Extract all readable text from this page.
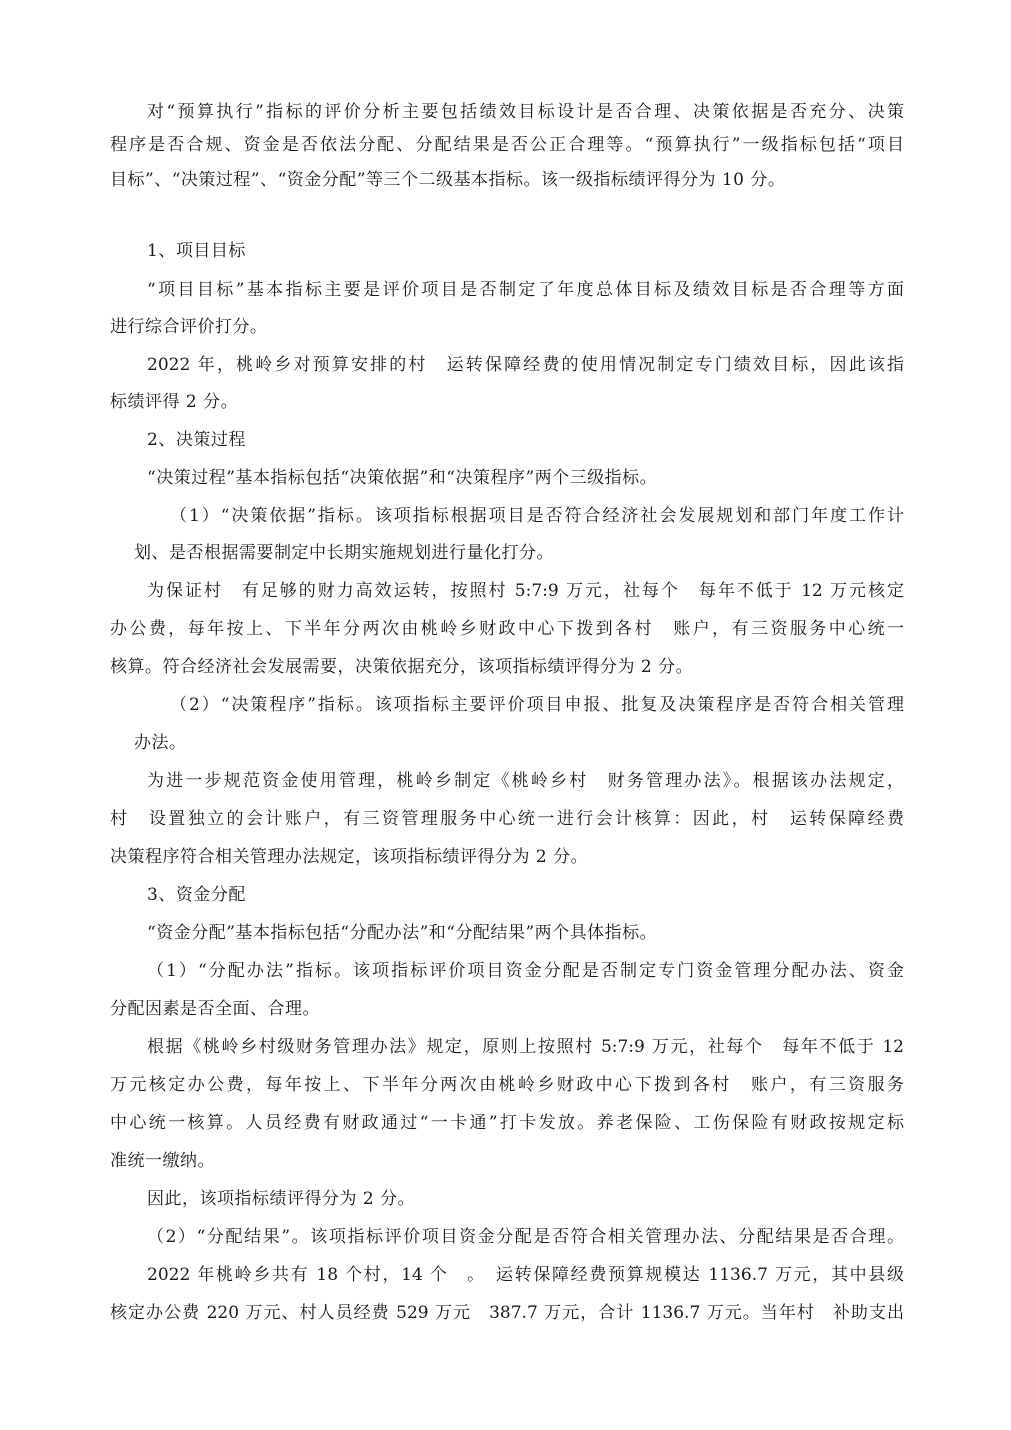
对“预算执行”指标的评价分析主要包括绩效目标设计是否合理、决策依据是否充分、决策
程序是否合规、资金是否依法分配、分配结果是否公正合理等。“预算执行”一级指标包括“项目
目标”、“决策过程”、“资金分配”等三个二级基本指标。该一级指标绩评得分为 10 分。
1、项目目标
“项目目标”基本指标主要是评价项目是否制定了年度总体目标及绩效目标是否合理等方面
进行综合评价打分。
2022 年，桃岭乡对预算安排的村　运转保障经费的使用情况制定专门绩效目标，因此该指
标绩评得 2 分。
2、决策过程
“决策过程”基本指标包括“决策依据”和“决策程序”两个三级指标。
（1）“决策依据”指标。该项指标根据项目是否符合经济社会发展规划和部门年度工作计
划、是否根据需要制定中长期实施规划进行量化打分。
为保证村　有足够的财力高效运转，按照村 5:7:9 万元，社每个　每年不低于 12 万元核定
办公费，每年按上、下半年分两次由桃岭乡财政中心下拨到各村　账户，有三资服务中心统一
核算。符合经济社会发展需要，决策依据充分，该项指标绩评得分为 2 分。
（2）“决策程序”指标。该项指标主要评价项目申报、批复及决策程序是否符合相关管理
办法。
为进一步规范资金使用管理，桃岭乡制定《桃岭乡村　财务管理办法》。根据该办法规定，
村　设置独立的会计账户，有三资管理服务中心统一进行会计核算：因此，村　运转保障经费
决策程序符合相关管理办法规定，该项指标绩评得分为 2 分。
3、资金分配
“资金分配”基本指标包括“分配办法”和“分配结果”两个具体指标。
（1）“分配办法”指标。该项指标评价项目资金分配是否制定专门资金管理分配办法、资金
分配因素是否全面、合理。
根据《桃岭乡村级财务管理办法》规定，原则上按照村 5:7:9 万元，社每个　每年不低于 12
万元核定办公费，每年按上、下半年分两次由桃岭乡财政中心下拨到各村　账户，有三资服务
中心统一核算。人员经费有财政通过“一卡通”打卡发放。养老保险、工伤保险有财政按规定标
准统一缴纳。
因此，该项指标绩评得分为 2 分。
（2）“分配结果”。该项指标评价项目资金分配是否符合相关管理办法、分配结果是否合理。
2022 年桃岭乡共有 18 个村，14 个　。　运转保障经费预算规模达 1136.7 万元，其中县级
核定办公费 220 万元、村人员经费 529 万元　387.7 万元，合计 1136.7 万元。当年村　补助支出
